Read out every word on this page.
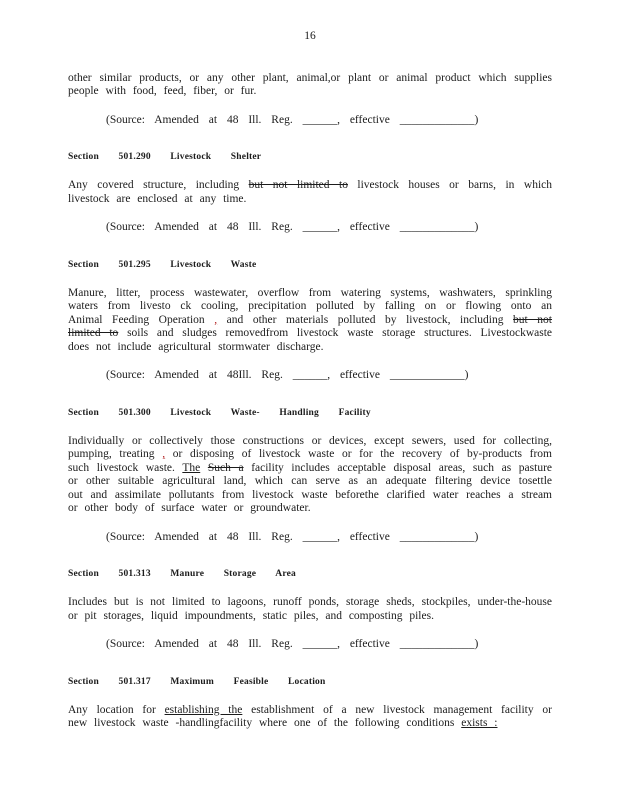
16

other similar products, or any other plant, animal,or plant or animal product which supplies people with food, feed, fiber, or fur.

(Source: Amended at 48 Ill. Reg. ______, effective _____________)

Section 501.290 Livestock Shelter

Any covered structure, including but not limited to livestock houses or barns, in which livestock are enclosed at any time.

(Source: Amended at 48 Ill. Reg. ______, effective _____________)

Section 501.295 Livestock Waste

Manure, litter, process wastewater, overflow from watering systems, washwaters, sprinkling waters from livesto ck cooling, precipitation polluted by falling on or flowing onto an Animal Feeding Operation , and other materials polluted by livestock, including but not limited to soils and sludges removedfrom livestock waste storage structures. Livestockwaste does not include agricultural stormwater discharge.

(Source: Amended at 48Ill. Reg. ______, effective _____________)

Section 501.300 Livestock Waste- Handling Facility

Individually or collectively those constructions or devices, except sewers, used for collecting, pumping, treating , or disposing of livestock waste or for the recovery of by-products from such livestock waste. The Such a facility includes acceptable disposal areas, such as pasture or other suitable agricultural land, which can serve as an adequate filtering device tosettle out and assimilate pollutants from livestock waste beforethe clarified water reaches a stream or other body of surface water or groundwater.

(Source: Amended at 48 Ill. Reg. ______, effective _____________)

Section 501.313 Manure Storage Area

Includes but is not limited to lagoons, runoff ponds, storage sheds, stockpiles, under-the-house or pit storages, liquid impoundments, static piles, and composting piles.

(Source: Amended at 48 Ill. Reg. ______, effective _____________)

Section 501.317 Maximum Feasible Location

Any location for establishing the establishment of a new livestock management facility or new livestock waste -handlingfacility where one of the following conditions exists :
